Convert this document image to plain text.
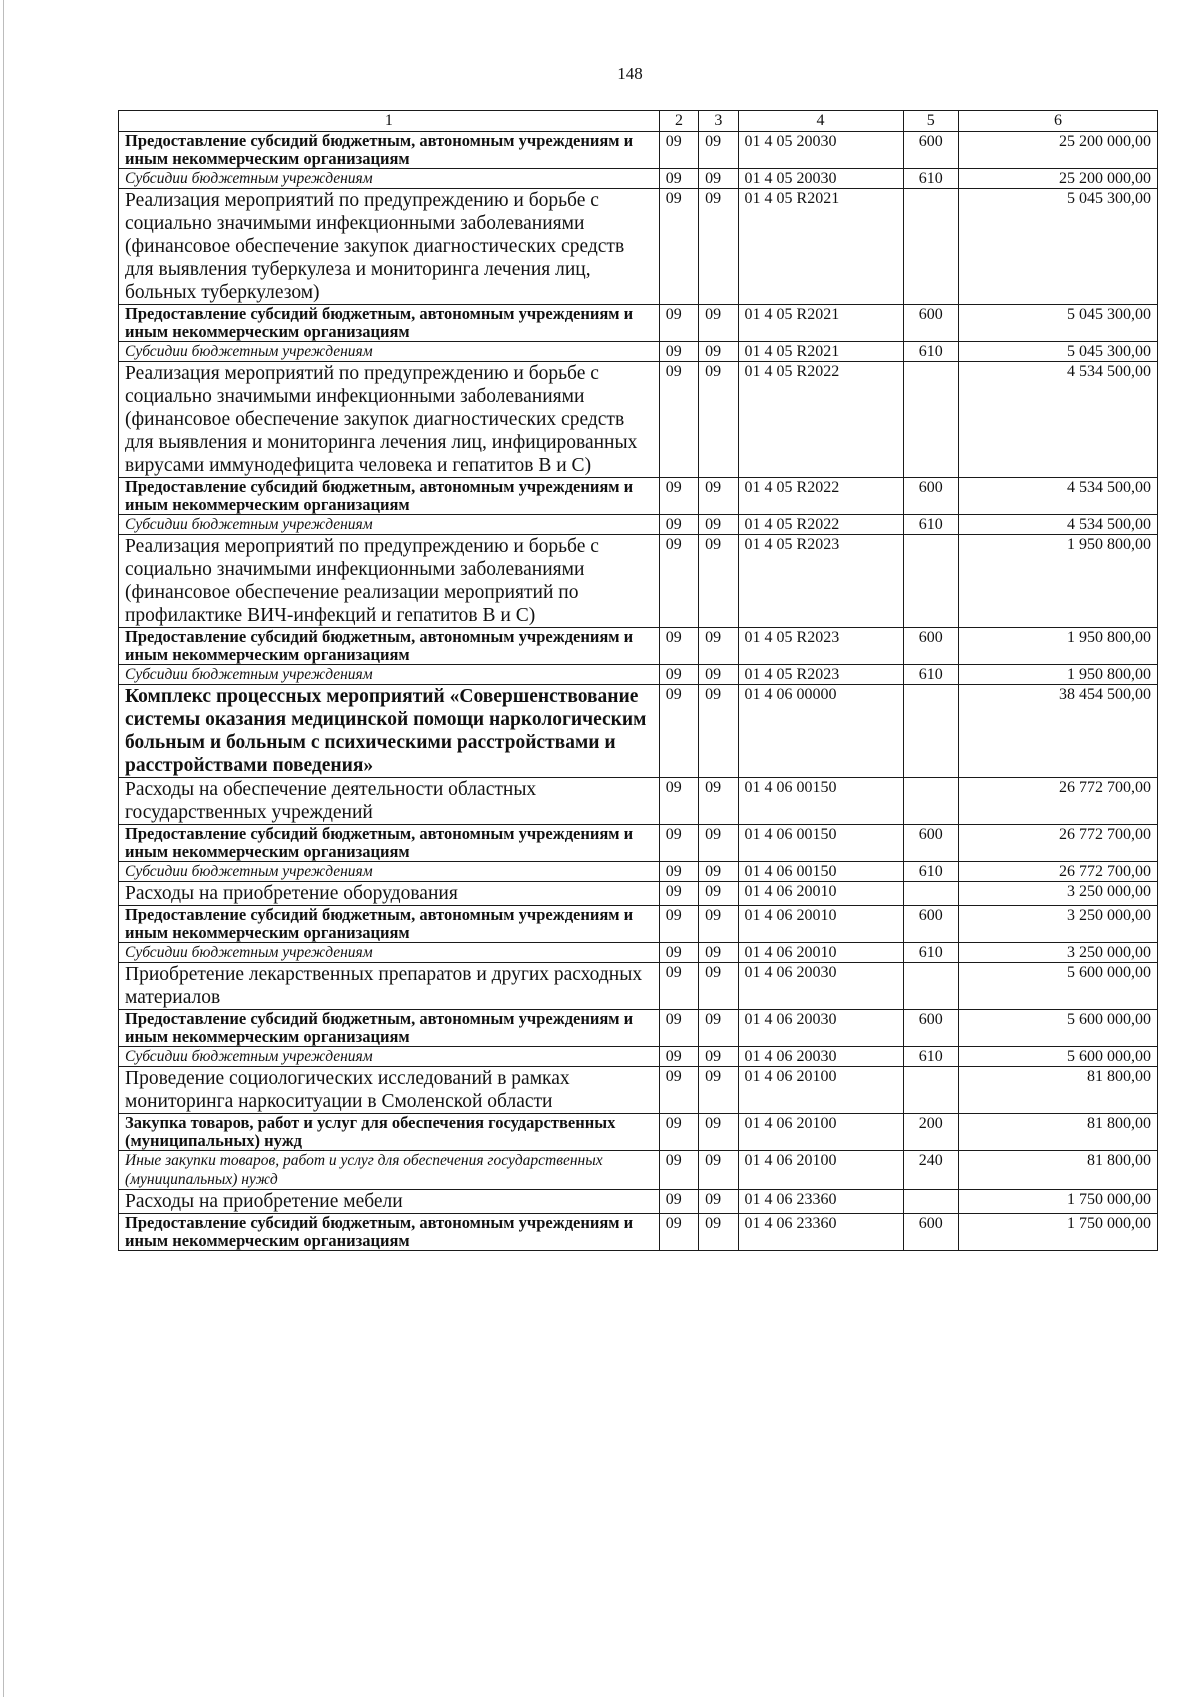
148
1	2	3	4	5	6
Предоставление субсидий бюджетным, автономным учреждениям и иным некоммерческим организациям	09	09	01 4 05 20030	600	25 200 000,00
Субсидии бюджетным учреждениям	09	09	01 4 05 20030	610	25 200 000,00
Реализация мероприятий по предупреждению и борьбе с социально значимыми инфекционными заболеваниями (финансовое обеспечение закупок диагностических средств для выявления туберкулеза и мониторинга лечения лиц, больных туберкулезом)	09	09	01 4 05 R2021		5 045 300,00
Предоставление субсидий бюджетным, автономным учреждениям и иным некоммерческим организациям	09	09	01 4 05 R2021	600	5 045 300,00
Субсидии бюджетным учреждениям	09	09	01 4 05 R2021	610	5 045 300,00
Реализация мероприятий по предупреждению и борьбе с социально значимыми инфекционными заболеваниями (финансовое обеспечение закупок диагностических средств для выявления и мониторинга лечения лиц, инфицированных вирусами иммунодефицита человека и гепатитов В и С)	09	09	01 4 05 R2022		4 534 500,00
Предоставление субсидий бюджетным, автономным учреждениям и иным некоммерческим организациям	09	09	01 4 05 R2022	600	4 534 500,00
Субсидии бюджетным учреждениям	09	09	01 4 05 R2022	610	4 534 500,00
Реализация мероприятий по предупреждению и борьбе с социально значимыми инфекционными заболеваниями (финансовое обеспечение реализации мероприятий по профилактике ВИЧ-инфекций и гепатитов В и С)	09	09	01 4 05 R2023		1 950 800,00
Предоставление субсидий бюджетным, автономным учреждениям и иным некоммерческим организациям	09	09	01 4 05 R2023	600	1 950 800,00
Субсидии бюджетным учреждениям	09	09	01 4 05 R2023	610	1 950 800,00
Комплекс процессных мероприятий «Совершенствование системы оказания медицинской помощи наркологическим больным и больным с психическими расстройствами и расстройствами поведения»	09	09	01 4 06 00000		38 454 500,00
Расходы на обеспечение деятельности областных государственных учреждений	09	09	01 4 06 00150		26 772 700,00
Предоставление субсидий бюджетным, автономным учреждениям и иным некоммерческим организациям	09	09	01 4 06 00150	600	26 772 700,00
Субсидии бюджетным учреждениям	09	09	01 4 06 00150	610	26 772 700,00
Расходы на приобретение оборудования	09	09	01 4 06 20010		3 250 000,00
Предоставление субсидий бюджетным, автономным учреждениям и иным некоммерческим организациям	09	09	01 4 06 20010	600	3 250 000,00
Субсидии бюджетным учреждениям	09	09	01 4 06 20010	610	3 250 000,00
Приобретение лекарственных препаратов и других расходных материалов	09	09	01 4 06 20030		5 600 000,00
Предоставление субсидий бюджетным, автономным учреждениям и иным некоммерческим организациям	09	09	01 4 06 20030	600	5 600 000,00
Субсидии бюджетным учреждениям	09	09	01 4 06 20030	610	5 600 000,00
Проведение социологических исследований в рамках мониторинга наркоситуации в Смоленской области	09	09	01 4 06 20100		81 800,00
Закупка товаров, работ и услуг для обеспечения государственных (муниципальных) нужд	09	09	01 4 06 20100	200	81 800,00
Иные закупки товаров, работ и услуг для обеспечения государственных (муниципальных) нужд	09	09	01 4 06 20100	240	81 800,00
Расходы на приобретение мебели	09	09	01 4 06 23360		1 750 000,00
Предоставление субсидий бюджетным, автономным учреждениям и иным некоммерческим организациям	09	09	01 4 06 23360	600	1 750 000,00
